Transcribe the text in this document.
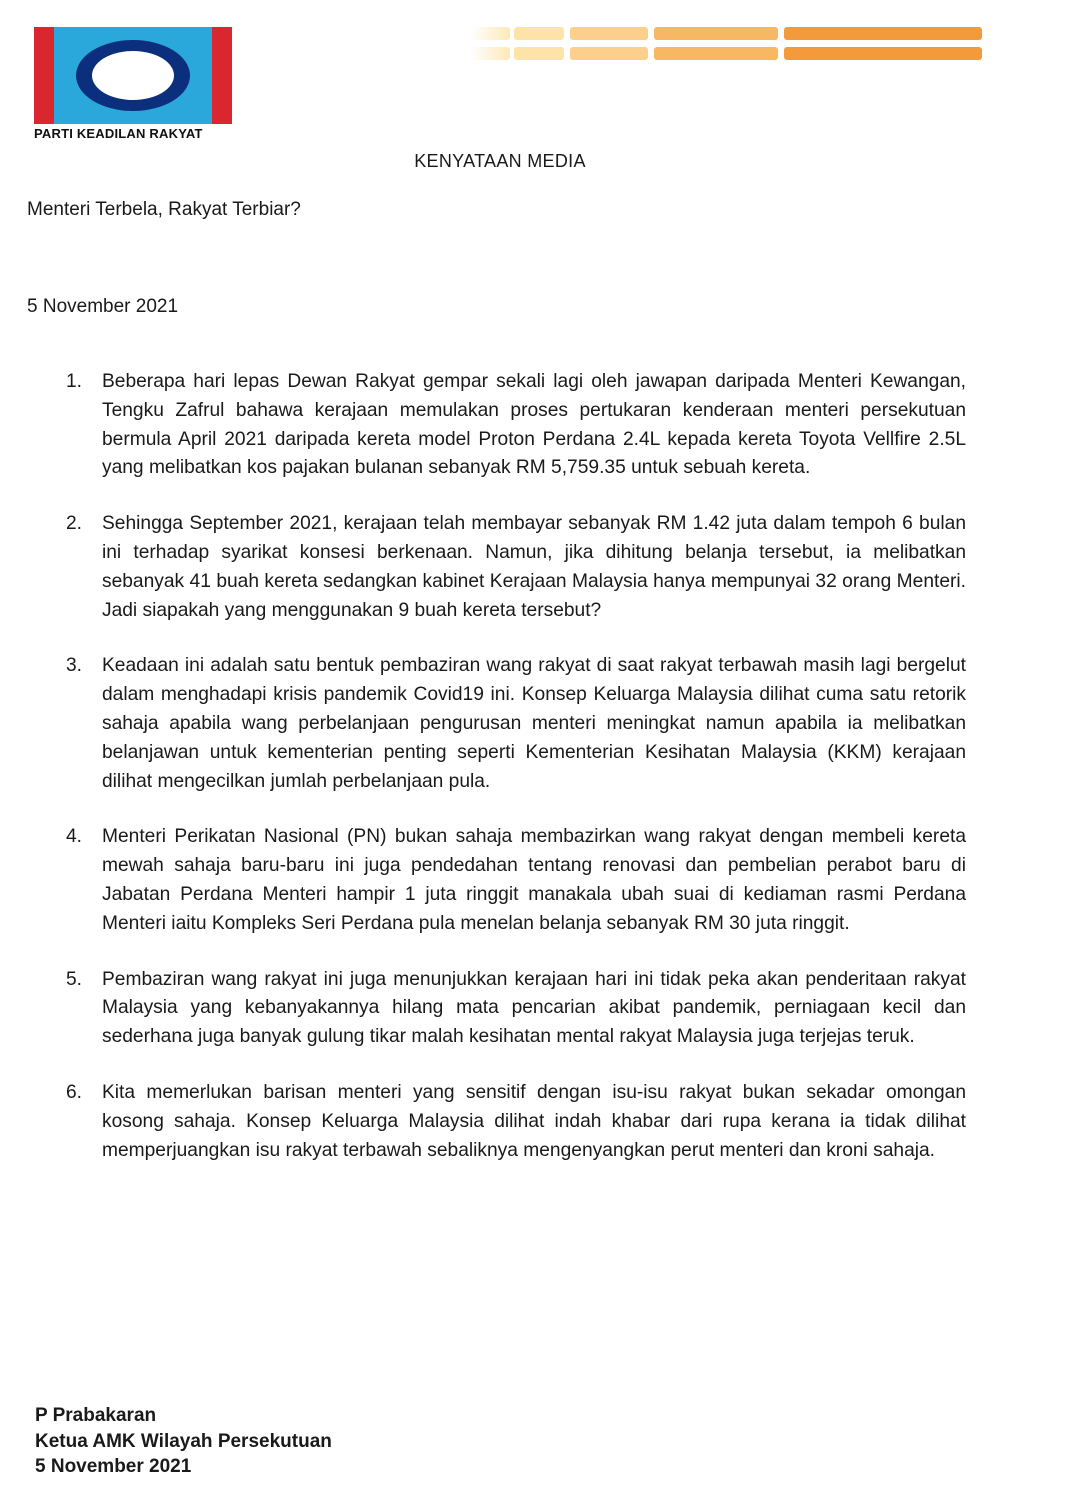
PARTI KEADILAN RAKYAT
KENYATAAN MEDIA
Menteri Terbela, Rakyat Terbiar?
5 November 2021
1. Beberapa hari lepas Dewan Rakyat gempar sekali lagi oleh jawapan daripada Menteri Kewangan, Tengku Zafrul bahawa kerajaan memulakan proses pertukaran kenderaan menteri persekutuan bermula April 2021 daripada kereta model Proton Perdana 2.4L kepada kereta Toyota Vellfire 2.5L yang melibatkan kos pajakan bulanan sebanyak RM 5,759.35 untuk sebuah kereta.
2. Sehingga September 2021, kerajaan telah membayar sebanyak RM 1.42 juta dalam tempoh 6 bulan ini terhadap syarikat konsesi berkenaan. Namun, jika dihitung belanja tersebut, ia melibatkan sebanyak 41 buah kereta sedangkan kabinet Kerajaan Malaysia hanya mempunyai 32 orang Menteri. Jadi siapakah yang menggunakan 9 buah kereta tersebut?
3. Keadaan ini adalah satu bentuk pembaziran wang rakyat di saat rakyat terbawah masih lagi bergelut dalam menghadapi krisis pandemik Covid19 ini. Konsep Keluarga Malaysia dilihat cuma satu retorik sahaja apabila wang perbelanjaan pengurusan menteri meningkat namun apabila ia melibatkan belanjawan untuk kementerian penting seperti Kementerian Kesihatan Malaysia (KKM) kerajaan dilihat mengecilkan jumlah perbelanjaan pula.
4. Menteri Perikatan Nasional (PN) bukan sahaja membazirkan wang rakyat dengan membeli kereta mewah sahaja baru-baru ini juga pendedahan tentang renovasi dan pembelian perabot baru di Jabatan Perdana Menteri hampir 1 juta ringgit manakala ubah suai di kediaman rasmi Perdana Menteri iaitu Kompleks Seri Perdana pula menelan belanja sebanyak RM 30 juta ringgit.
5. Pembaziran wang rakyat ini juga menunjukkan kerajaan hari ini tidak peka akan penderitaan rakyat Malaysia yang kebanyakannya hilang mata pencarian akibat pandemik, perniagaan kecil dan sederhana juga banyak gulung tikar malah kesihatan mental rakyat Malaysia juga terjejas teruk.
6. Kita memerlukan barisan menteri yang sensitif dengan isu-isu rakyat bukan sekadar omongan kosong sahaja. Konsep Keluarga Malaysia dilihat indah khabar dari rupa kerana ia tidak dilihat memperjuangkan isu rakyat terbawah sebaliknya mengenyangkan perut menteri dan kroni sahaja.
P Prabakaran
Ketua AMK Wilayah Persekutuan
5 November 2021
